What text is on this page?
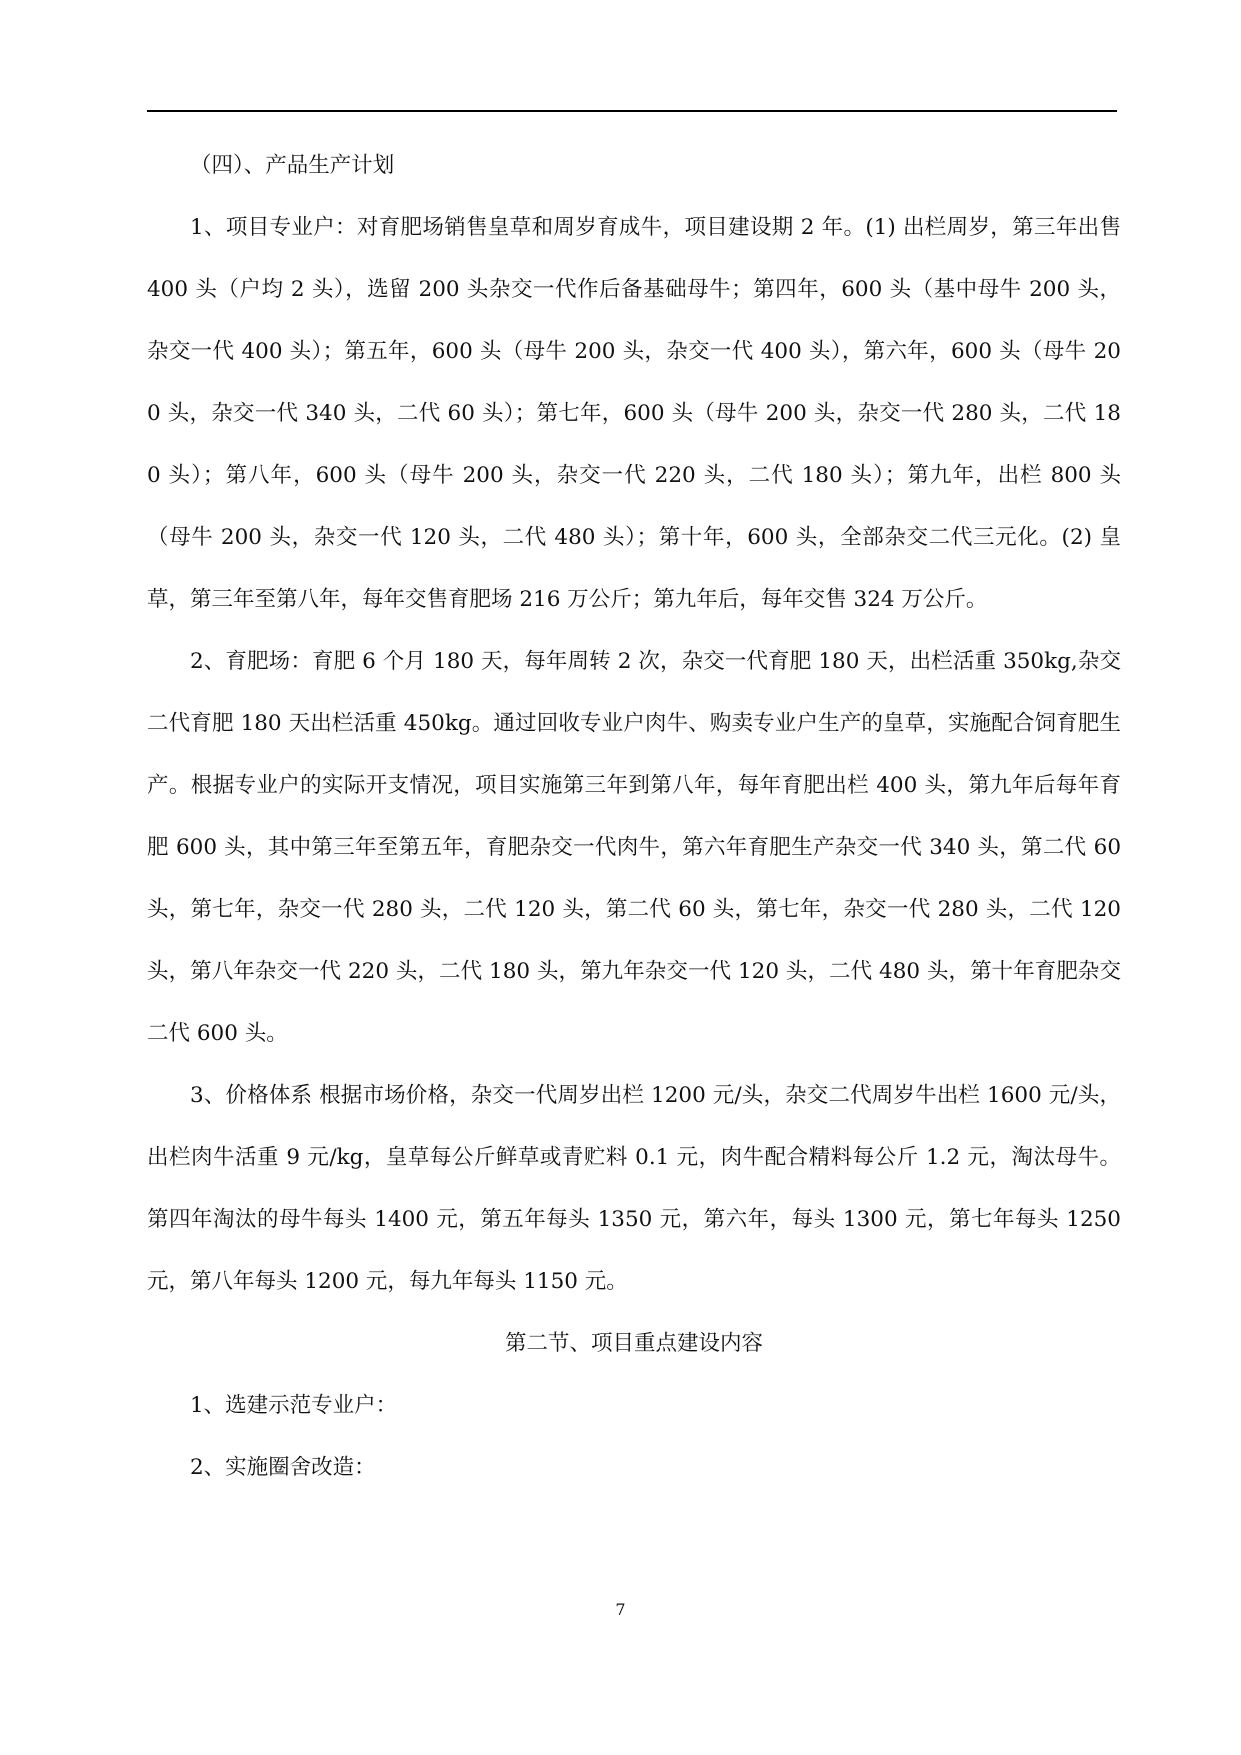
（四）、产品生产计划

1、项目专业户：对育肥场销售皇草和周岁育成牛，项目建设期 2 年。(1) 出栏周岁，第三年出售 400 头（户均 2 头），选留 200 头杂交一代作后备基础母牛；第四年，600 头（基中母牛 200 头，杂交一代 400 头）；第五年，600 头（母牛 200 头，杂交一代 400 头），第六年，600 头（母牛 200 头，杂交一代 340 头，二代 60 头）；第七年，600 头（母牛 200 头，杂交一代 280 头，二代 180 头）；第八年，600 头（母牛 200 头，杂交一代 220 头，二代 180 头）；第九年，出栏 800 头（母牛 200 头，杂交一代 120 头，二代 480 头）；第十年，600 头，全部杂交二代三元化。(2) 皇草，第三年至第八年，每年交售育肥场 216 万公斤；第九年后，每年交售 324 万公斤。

2、育肥场：育肥 6 个月 180 天，每年周转 2 次，杂交一代育肥 180 天，出栏活重 350kg,杂交二代育肥 180 天出栏活重 450kg。通过回收专业户肉牛、购卖专业户生产的皇草，实施配合饲育肥生产。根据专业户的实际开支情况，项目实施第三年到第八年，每年育肥出栏 400 头，第九年后每年育肥 600 头，其中第三年至第五年，育肥杂交一代肉牛，第六年育肥生产杂交一代 340 头，第二代 60 头，第七年，杂交一代 280 头，二代 120 头，第二代 60 头，第七年，杂交一代 280 头，二代 120 头，第八年杂交一代 220 头，二代 180 头，第九年杂交一代 120 头，二代 480 头，第十年育肥杂交二代 600 头。

3、价格体系 根据市场价格，杂交一代周岁出栏 1200 元/头，杂交二代周岁牛出栏 1600 元/头，出栏肉牛活重 9 元/kg，皇草每公斤鲜草或青贮料 0.1 元，肉牛配合精料每公斤 1.2 元，淘汰母牛。第四年淘汰的母牛每头 1400 元，第五年每头 1350 元，第六年，每头 1300 元，第七年每头 1250 元，第八年每头 1200 元，每九年每头 1150 元。

第二节、项目重点建设内容

1、选建示范专业户：

2、实施圈舍改造：

7
